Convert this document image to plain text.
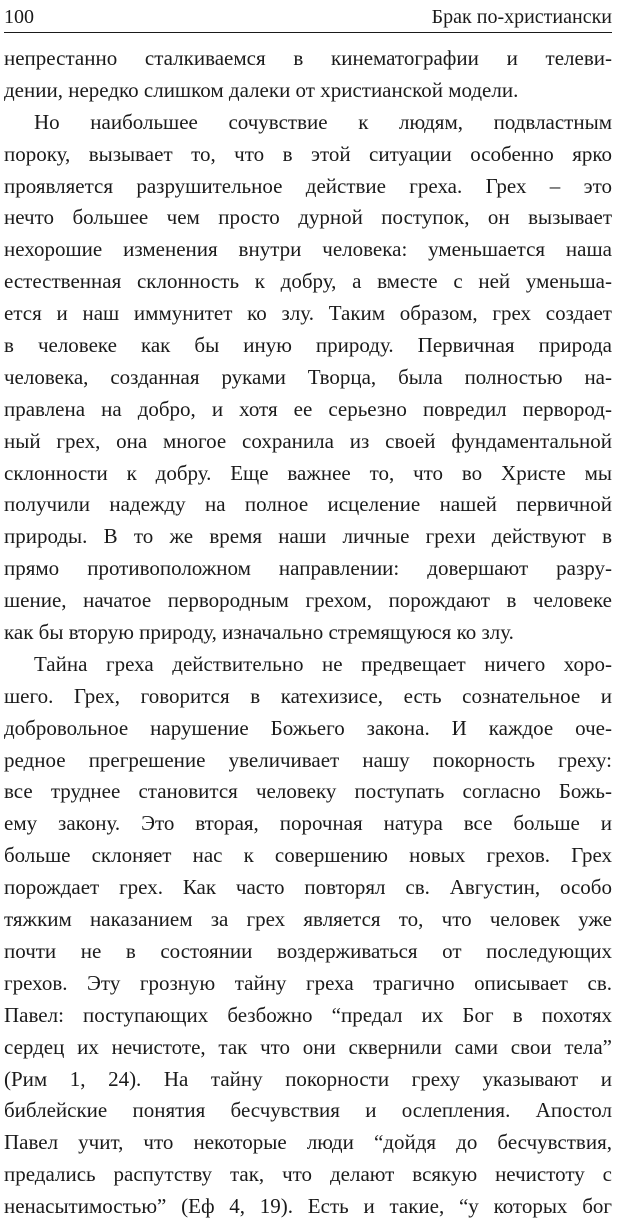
100	Брак по-христиански
непрестанно сталкиваемся в кинематографии и телеви-
дении, нередко слишком далеки от христианской модели.
Но наибольшее сочувствие к людям, подвластным
пороку, вызывает то, что в этой ситуации особенно ярко
проявляется разрушительное действие греха. Грех – это
нечто большее чем просто дурной поступок, он вызывает
нехорошие изменения внутри человека: уменьшается наша
естественная склонность к добру, а вместе с ней уменьша-
ется и наш иммунитет ко злу. Таким образом, грех создает
в человеке как бы иную природу. Первичная природа
человека, созданная руками Творца, была полностью на-
правлена на добро, и хотя ее серьезно повредил первород-
ный грех, она многое сохранила из своей фундаментальной
склонности к добру. Еще важнее то, что во Христе мы
получили надежду на полное исцеление нашей первичной
природы. В то же время наши личные грехи действуют в
прямо противоположном направлении: довершают разру-
шение, начатое первородным грехом, порождают в человеке
как бы вторую природу, изначально стремящуюся ко злу.
Тайна греха действительно не предвещает ничего хоро-
шего. Грех, говорится в катехизисе, есть сознательное и
добровольное нарушение Божьего закона. И каждое оче-
редное прегрешение увеличивает нашу покорность греху:
все труднее становится человеку поступать согласно Божь-
ему закону. Это вторая, порочная натура все больше и
больше склоняет нас к совершению новых грехов. Грех
порождает грех. Как часто повторял св. Августин, особо
тяжким наказанием за грех является то, что человек уже
почти не в состоянии воздерживаться от последующих
грехов. Эту грозную тайну греха трагично описывает св.
Павел: поступающих безбожно “предал их Бог в похотях
сердец их нечистоте, так что они сквернили сами свои тела”
(Рим 1, 24). На тайну покорности греху указывают и
библейские понятия бесчувствия и ослепления. Апостол
Павел учит, что некоторые люди “дойдя до бесчувствия,
предались распутству так, что делают всякую нечистоту с
ненасытимостью” (Еф 4, 19). Есть и такие, “у которых бог
